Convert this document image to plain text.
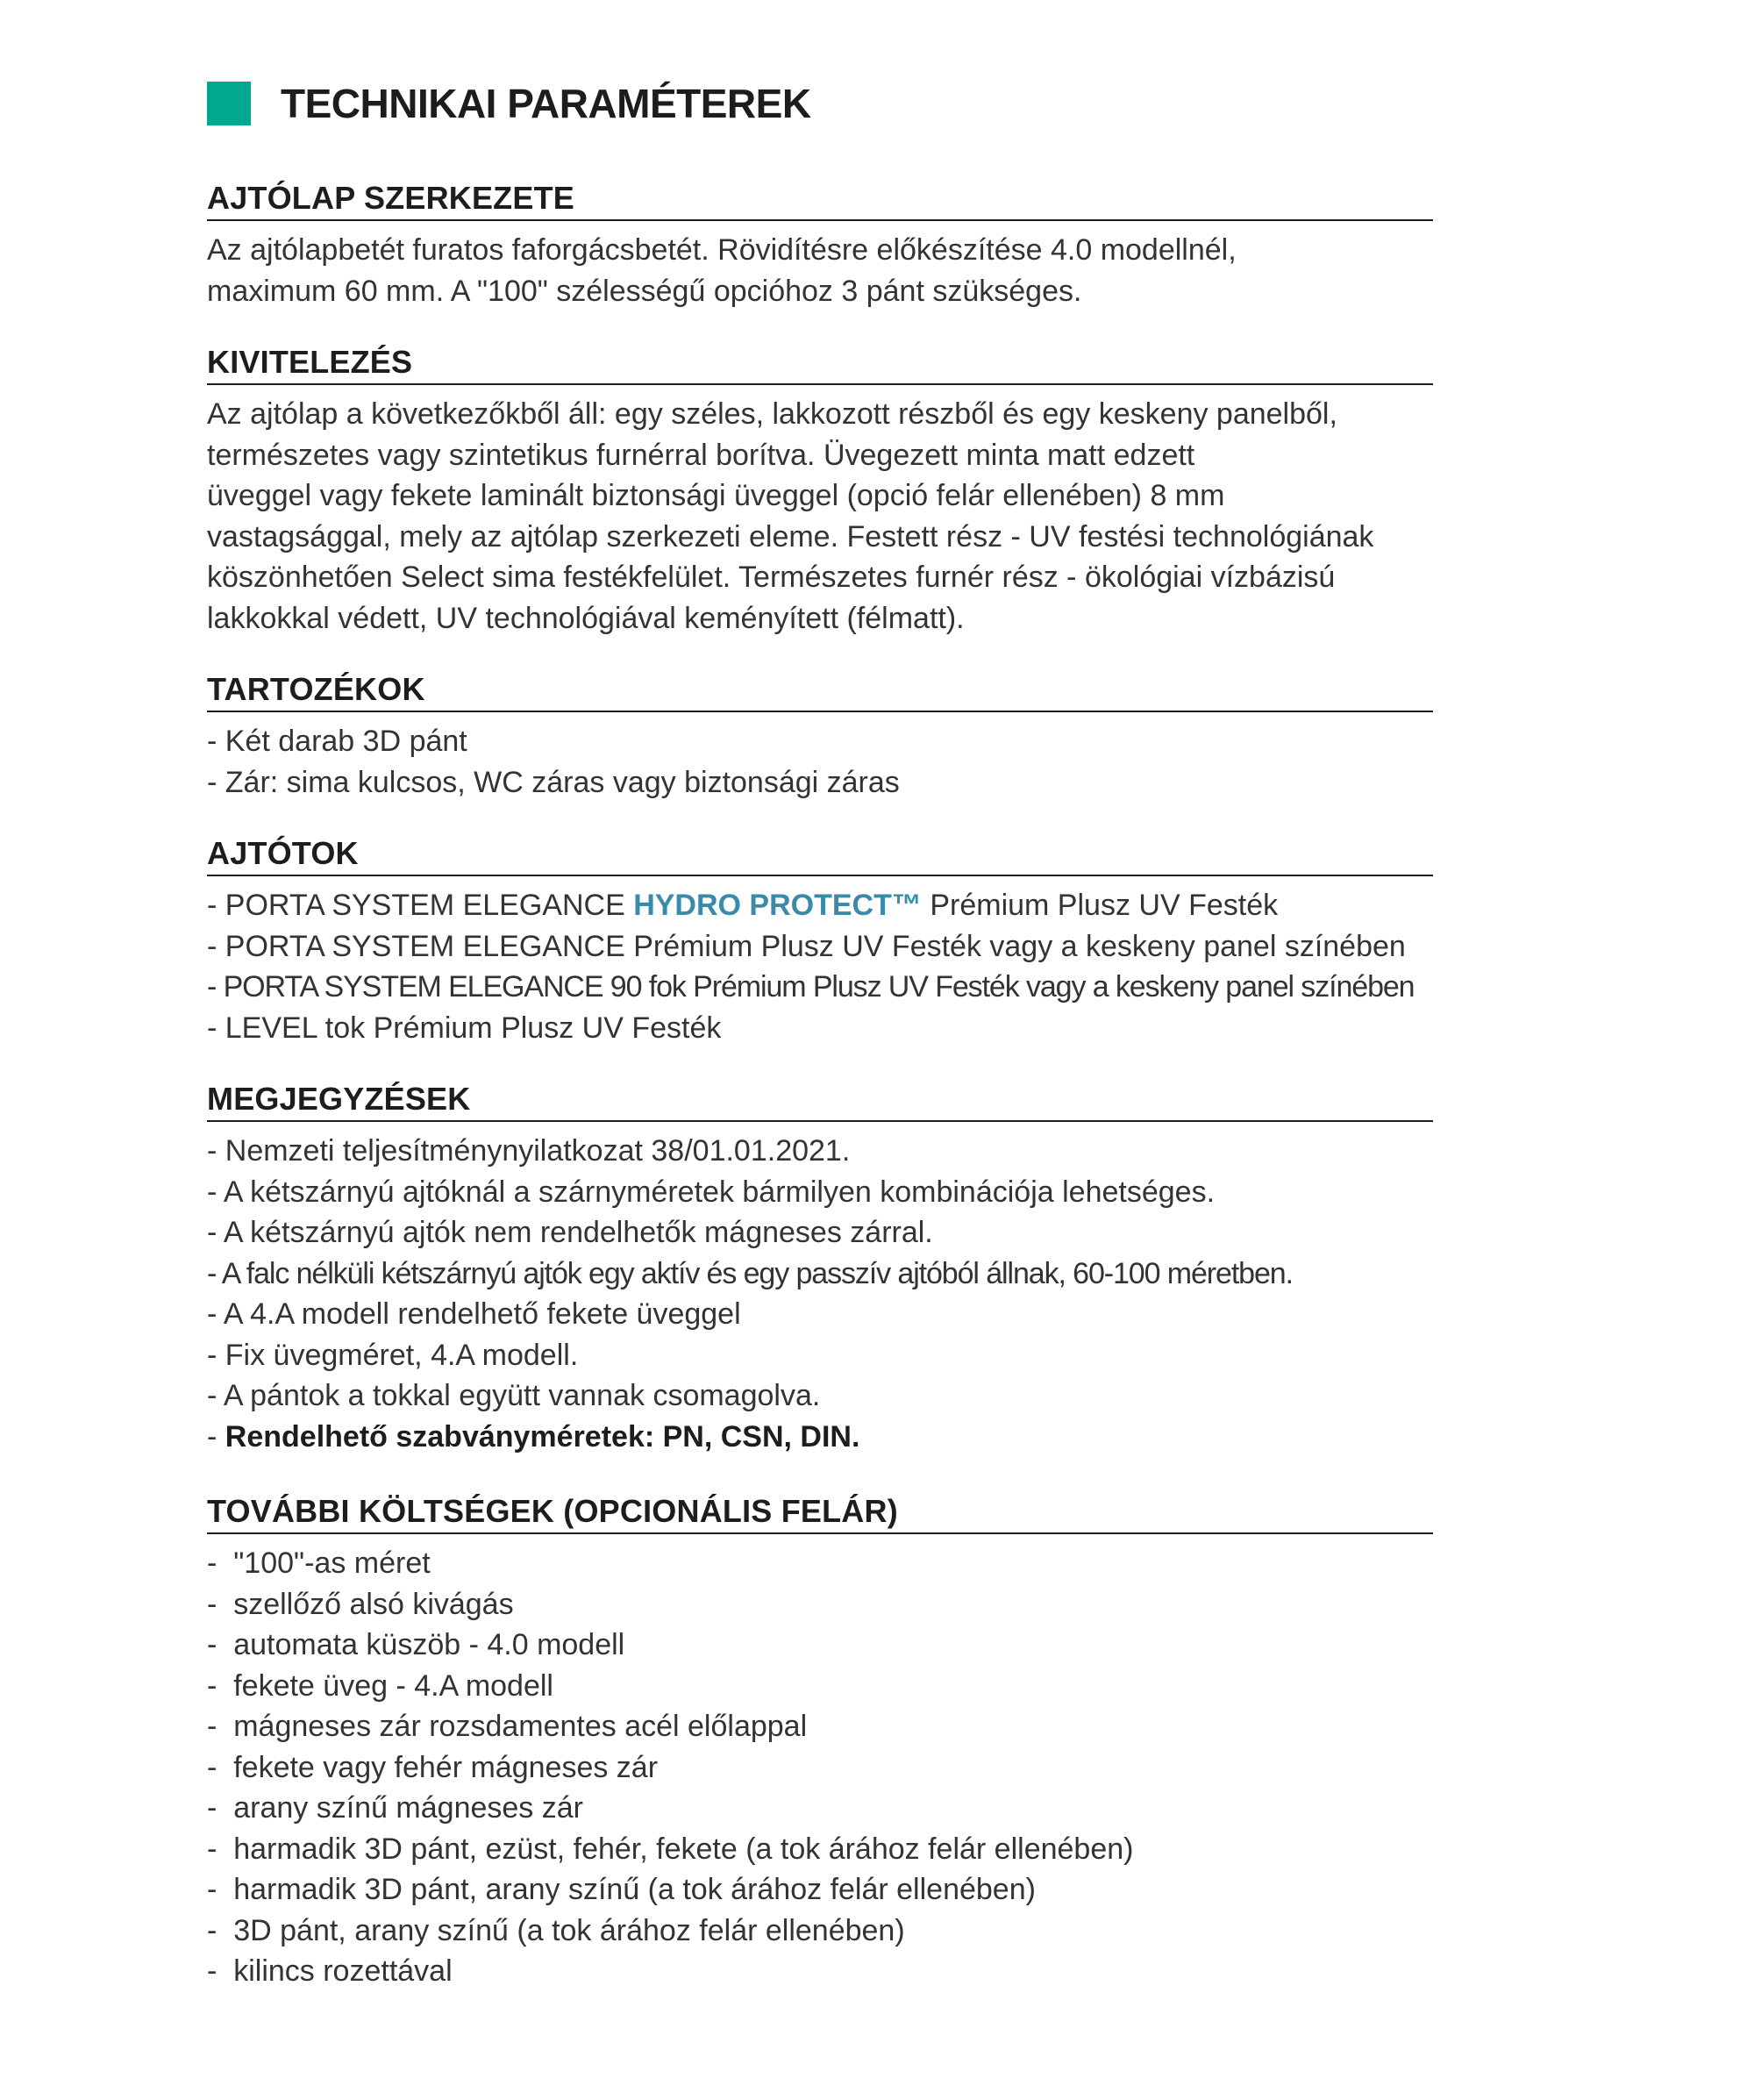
TECHNIKAI PARAMÉTEREK
AJTÓLAP SZERKEZETE

Az ajtólapbetét furatos faforgácsbetét. Rövidítésre előkészítése 4.0 modellnél,

maximum 60 mm. A "100" szélességű opcióhoz 3 pánt szükséges.

KIVITELEZÉS

Az ajtólap a következőkből áll: egy széles, lakkozott részből és egy keskeny panelből,

természetes vagy szintetikus furnérral borítva. Üvegezett minta matt edzett

üveggel vagy fekete laminált biztonsági üveggel (opció felár ellenében) 8 mm

vastagsággal, mely az ajtólap szerkezeti eleme. Festett rész - UV festési technológiának

köszönhetően Select sima festékfelület. Természetes furnér rész - ökológiai vízbázisú

lakkokkal védett, UV technológiával keményített (félmatt).

TARTOZÉKOK
- Két darab 3D pánt
- Zár: sima kulcsos, WC záras vagy biztonsági záras
AJTÓTOK
- PORTA SYSTEM ELEGANCE HYDRO PROTECT™ Prémium Plusz UV Festék
- PORTA SYSTEM ELEGANCE Prémium Plusz UV Festék vagy a keskeny panel színében
- PORTA SYSTEM ELEGANCE 90 fok Prémium Plusz UV Festék vagy a keskeny panel színében
- LEVEL tok Prémium Plusz UV Festék
MEGJEGYZÉSEK
- Nemzeti teljesítménynyilatkozat 38/01.01.2021.
- A kétszárnyú ajtóknál a szárnyméretek bármilyen kombinációja lehetséges.
- A kétszárnyú ajtók nem rendelhetők mágneses zárral.
- A falc nélküli kétszárnyú ajtók egy aktív és egy passzív ajtóból állnak, 60-100 méretben.
- A 4.A modell rendelhető fekete üveggel
- Fix üvegméret, 4.A modell.
- A pántok a tokkal együtt vannak csomagolva.
- Rendelhető szabványméretek: PN, CSN, DIN.
TOVÁBBI KÖLTSÉGEK (OPCIONÁLIS FELÁR)
-  "100"-as méret
-  szellőző alsó kivágás
-  automata küszöb - 4.0 modell
-  fekete üveg - 4.A modell
-  mágneses zár rozsdamentes acél előlappal
-  fekete vagy fehér mágneses zár
-  arany színű mágneses zár
-  harmadik 3D pánt, ezüst, fehér, fekete (a tok árához felár ellenében)
-  harmadik 3D pánt, arany színű (a tok árához felár ellenében)
-  3D pánt, arany színű (a tok árához felár ellenében)
-  kilincs rozettával
